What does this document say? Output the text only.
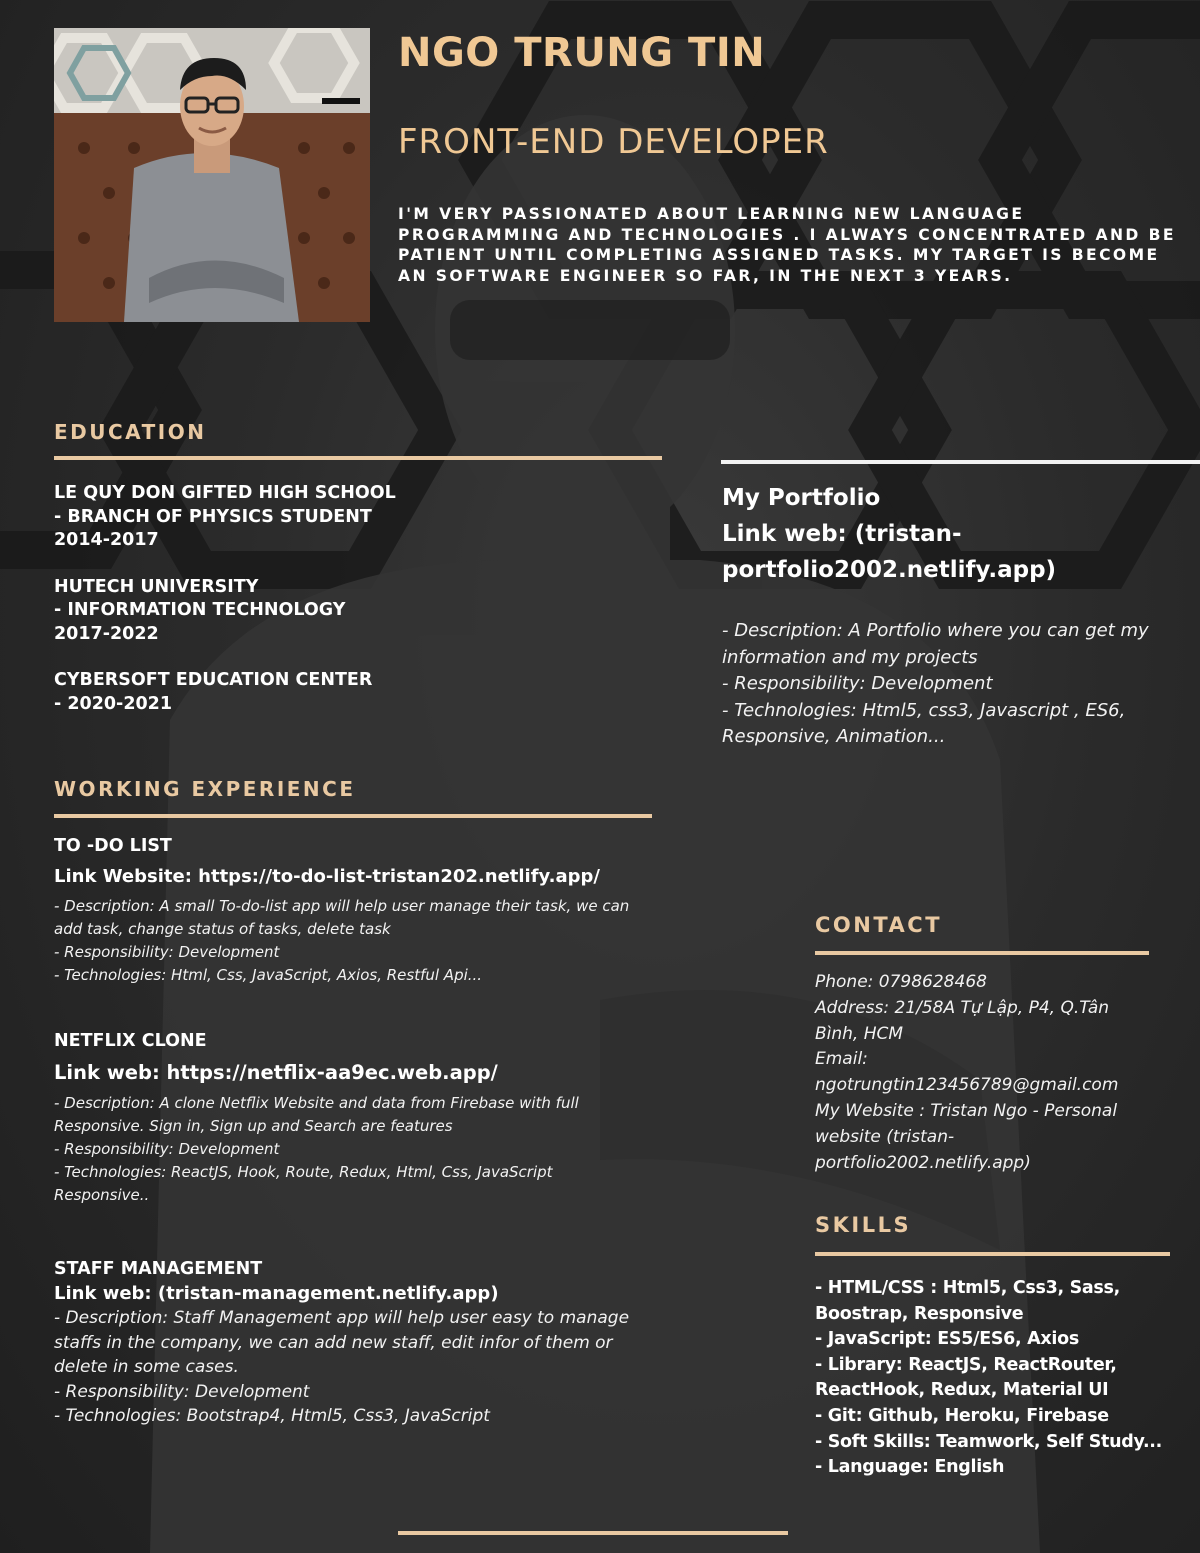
NGO TRUNG TIN
FRONT-END DEVELOPER
I'M VERY PASSIONATED ABOUT LEARNING NEW LANGUAGE PROGRAMMING AND TECHNOLOGIES . I ALWAYS CONCENTRATED AND BE PATIENT UNTIL COMPLETING ASSIGNED TASKS. MY TARGET IS BECOME AN SOFTWARE ENGINEER SO FAR, IN THE NEXT 3 YEARS.
EDUCATION
LE QUY DON GIFTED HIGH SCHOOL
- BRANCH OF PHYSICS STUDENT
2014-2017
HUTECH UNIVERSITY
- INFORMATION TECHNOLOGY
2017-2022
CYBERSOFT EDUCATION CENTER
- 2020-2021
WORKING EXPERIENCE
TO -DO LIST
Link Website: https://to-do-list-tristan202.netlify.app/
- Description: A small To-do-list app will help user manage their task, we can add task, change status of tasks, delete task
- Responsibility: Development
- Technologies: Html, Css, JavaScript, Axios, Restful Api...
NETFLIX CLONE
Link web: https://netflix-aa9ec.web.app/
- Description: A clone Netflix Website and data from Firebase with full Responsive. Sign in, Sign up and Search are features
- Responsibility: Development
- Technologies: ReactJS, Hook, Route, Redux, Html, Css, JavaScript Responsive..
STAFF MANAGEMENT
Link web: (tristan-management.netlify.app)
- Description: Staff Management app will help user easy to manage staffs in the company, we can add new staff, edit infor of them or delete in some cases.
- Responsibility: Development
- Technologies: Bootstrap4, Html5, Css3, JavaScript
My Portfolio
Link web: (tristan-portfolio2002.netlify.app)
- Description: A Portfolio where you can get my information and my projects
- Responsibility: Development
- Technologies: Html5, css3, Javascript , ES6, Responsive, Animation...
CONTACT
Phone: 0798628468
Address: 21/58A Tự Lập, P4, Q.Tân Bình, HCM
Email: ngotrungtin123456789@gmail.com
My Website : Tristan Ngo - Personal website (tristan-portfolio2002.netlify.app)
SKILLS
- HTML/CSS : Html5, Css3, Sass, Boostrap, Responsive
- JavaScript: ES5/ES6, Axios
- Library: ReactJS, ReactRouter, ReactHook, Redux, Material UI
- Git: Github, Heroku, Firebase
- Soft Skills: Teamwork, Self Study...
- Language: English
